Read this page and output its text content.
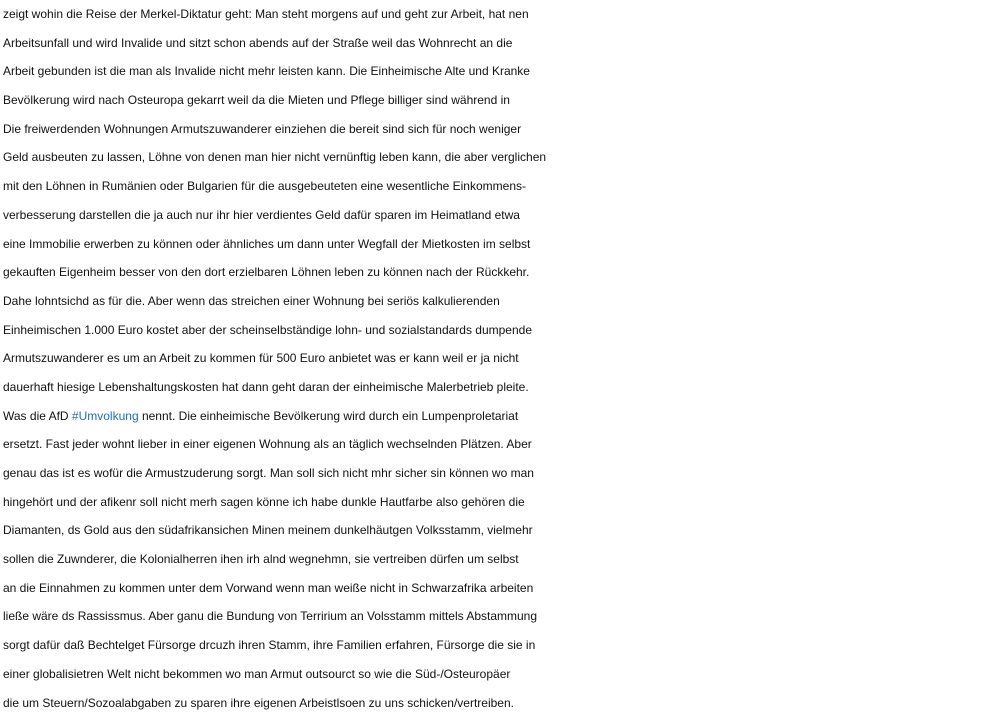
zeigt wohin die Reise der Merkel-Diktatur geht: Man steht morgens auf und geht zur Arbeit, hat nen
Arbeitsunfall und wird Invalide und sitzt schon abends auf der Straße weil das Wohnrecht an die
Arbeit gebunden ist die man als Invalide nicht mehr leisten kann. Die Einheimische Alte und Kranke
Bevölkerung wird nach Osteuropa gekarrt weil da die Mieten und Pflege billiger sind während in
Die freiwerdenden Wohnungen Armutszuwanderer einziehen die bereit sind sich für noch weniger
Geld ausbeuten zu lassen, Löhne von denen man hier nicht vernünftig leben kann, die aber verglichen
mit den Löhnen in Rumänien oder Bulgarien für die ausgebeuteten eine wesentliche Einkommens-
verbesserung darstellen die ja auch nur ihr hier verdientes Geld dafür sparen im Heimatland etwa
eine Immobilie erwerben zu können oder ähnliches um dann unter Wegfall der Mietkosten im selbst
gekauften Eigenheim besser von den dort erzielbaren Löhnen leben zu können nach der Rückkehr.
Dahe lohntsichd as für die. Aber wenn das streichen einer Wohnung bei seriös kalkulierenden
Einheimischen 1.000 Euro kostet aber der scheinselbständige lohn- und sozialstandards dumpende
Armutszuwanderer es um an Arbeit zu kommen für 500 Euro anbietet was er kann weil er ja nicht
dauerhaft hiesige Lebenshaltungskosten hat dann geht daran der einheimische Malerbetrieb pleite.
Was die AfD #Umvolkung nennt. Die einheimische Bevölkerung wird durch ein Lumpenproletariat
ersetzt. Fast jeder wohnt lieber in einer eigenen Wohnung als an täglich wechselnden Plätzen. Aber
genau das ist es wofür die Armustzuderung sorgt. Man soll sich nicht mhr sicher sin können wo man
hingehört und der afikenr soll nicht merh sagen könne ich habe dunkle Hautfarbe also gehören die
Diamanten, ds Gold aus den südafrikansichen Minen meinem dunkelhäutgen Volksstamm, vielmehr
sollen die Zuwnderer, die Kolonialherren ihen irh alnd wegnehmn, sie vertreiben dürfen um selbst
an die Einnahmen zu kommen unter dem Vorwand wenn man weiße nicht in Schwarzafrika arbeiten
ließe wäre ds Rassissmus. Aber ganu die Bundung von Terririum an Volsstamm mittels Abstammung
sorgt dafür daß Bechtelget Fürsorge drcuzh ihren Stamm, ihre Familien erfahren, Fürsorge die sie in
einer globalisietren Welt nicht bekommen wo man Armut outsourct so wie die Süd-/Osteuropäer
die um Steuern/Sozoalabgaben zu sparen ihre eigenen Arbeistlsoen zu uns schicken/vertreiben.
